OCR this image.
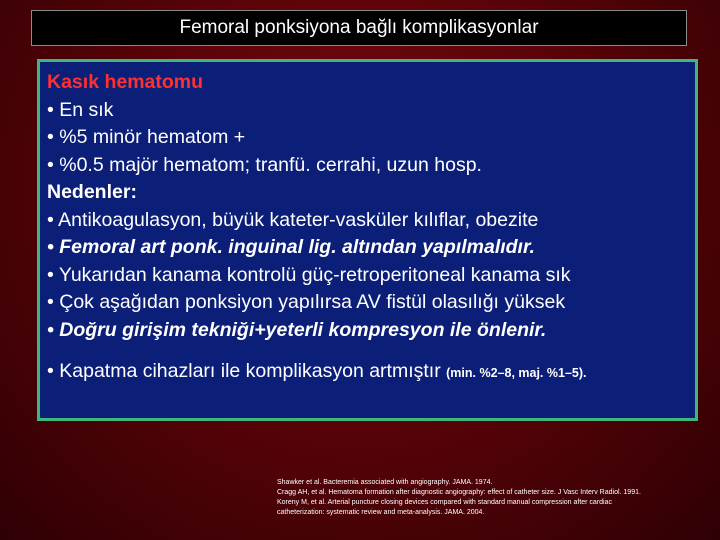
Femoral ponksiyona bağlı komplikasyonlar
Kasık hematomu
• En sık
• %5 minör hematom +
• %0.5 majör hematom; tranfü. cerrahi, uzun hosp.
Nedenler:
• Antikoagulasyon, büyük kateter-vasküler kılıflar, obezite
• Femoral art ponk. inguinal lig. altından yapılmalıdır.
• Yukarıdan kanama kontrolü güç-retroperitoneal kanama sık
• Çok aşağıdan ponksiyon yapılırsa AV fistül olasılığı yüksek
• Doğru girişim tekniği+yeterli kompresyon ile önlenir.
• Kapatma cihazları ile komplikasyon artmıştır (min. %2–8, maj. %1–5).
Shawker et al. Bacteremia associated with angiography. JAMA. 1974.
Cragg AH, et al. Hematoma formation after diagnostic angiography: effect of catheter size. J Vasc Interv Radiol. 1991.
Koreny M, et al. Arterial puncture closing devices compared with standard manual compression after cardiac
catheterization: systematic review and meta-analysis. JAMA. 2004.
